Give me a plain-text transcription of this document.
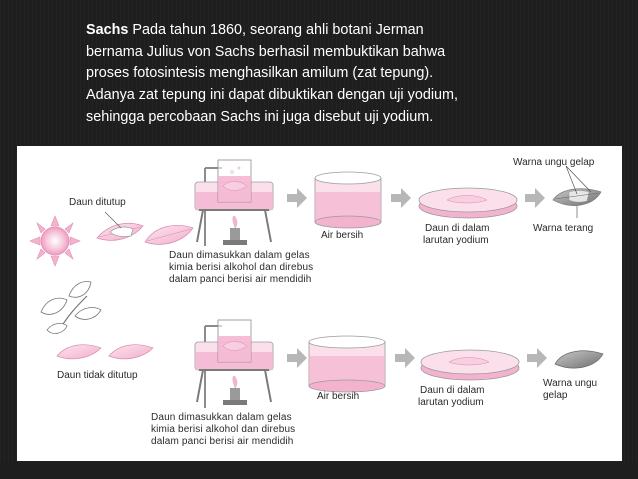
Sachs Pada tahun 1860, seorang ahli botani Jerman
bernama Julius von Sachs berhasil membuktikan bahwa
proses fotosintesis menghasilkan amilum (zat tepung).
Adanya zat tepung ini dapat dibuktikan dengan uji yodium,
sehingga percobaan Sachs ini juga disebut uji yodium.

Daun ditutup
Daun dimasukkan dalam gelas
kimia berisi alkohol dan direbus
dalam panci berisi air mendidih
Air bersih
Daun di dalam
larutan yodium
Warna ungu gelap
Warna terang
Daun tidak ditutup
Daun dimasukkan dalam gelas
kimia berisi alkohol dan direbus
dalam panci berisi air mendidih
Air bersih
Daun di dalam
larutan yodium
Warna ungu
gelap
